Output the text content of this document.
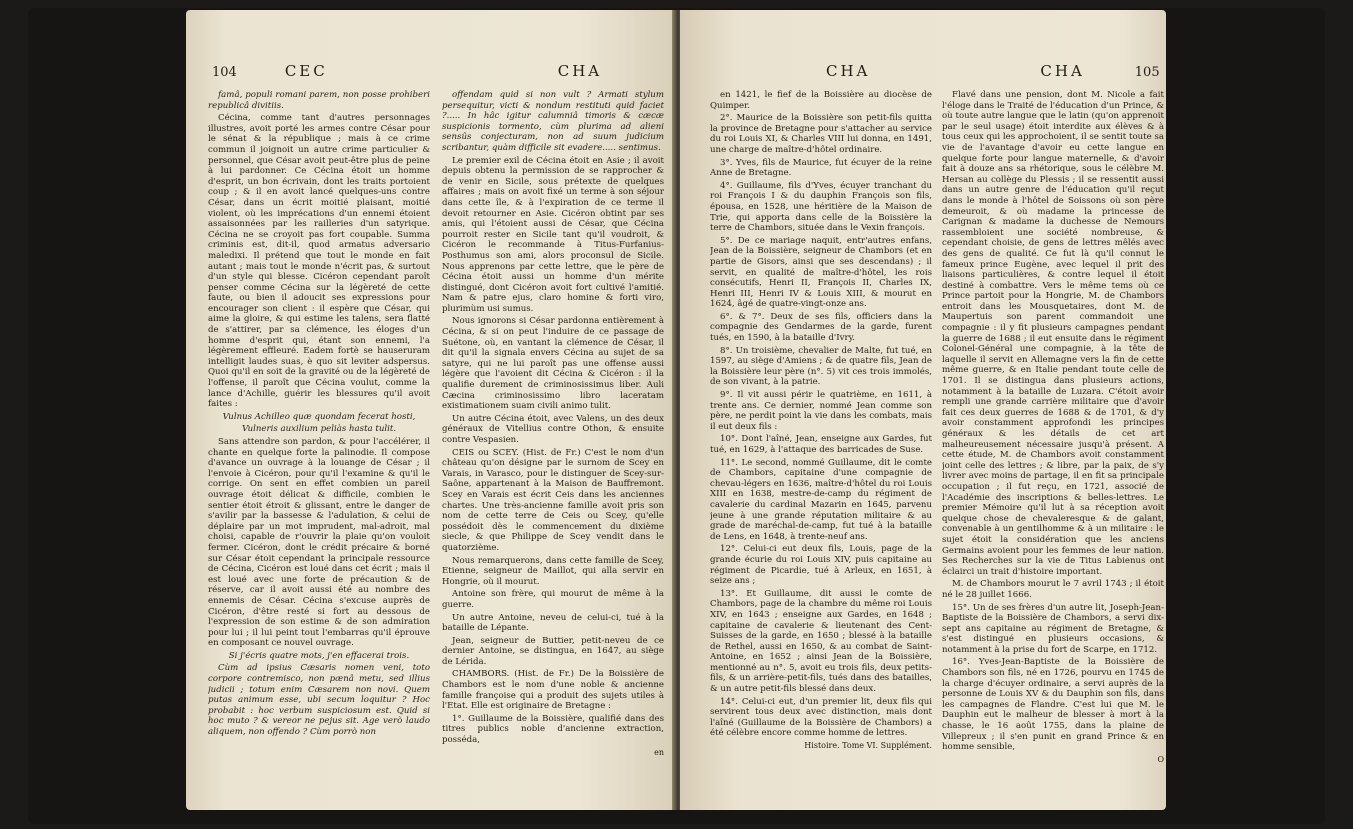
104	CEC	CHA

famâ, populi romani parem, non posse prohiberi republicâ divitiis.

Cécina, comme tant d'autres personnages illustres, avoit porté les armes contre César pour le sénat & la république ; mais à ce crime commun il joignoit un autre crime particulier & personnel, que César avoit peut-être plus de peine à lui pardonner. Ce Cécina étoit un homme d'esprit, un bon écrivain, dont les traits portoient coup ; & il en avoit lancé quelques-uns contre César, dans un écrit moitié plaisant, moitié violent, où les imprécations d'un ennemi étoient assaisonnées par les railleries d'un satyrique. Cécina ne se croyoit pas fort coupable. Summa criminis est, dit-il, quod armatus adversario maledixi. Il prétend que tout le monde en fait autant ; mais tout le monde n'écrit pas, & surtout d'un style qui blesse. Cicéron cependant paroît penser comme Cécina sur la légèreté de cette faute, ou bien il adoucit ses expressions pour encourager son client : il espère que César, qui aime la gloire, & qui estime les talens, sera flatté de s'attirer, par sa clémence, les éloges d'un homme d'esprit qui, étant son ennemi, l'a légèrement effleuré. Eadem fortè se hauseruram intelligit laudes suas, è quo sit leviter adspersus. Quoi qu'il en soit de la gravité ou de la légèreté de l'offense, il paroît que Cécina voulut, comme la lance d'Achille, guérir les blessures qu'il avoit faites :

Vulnus Achilleo quæ quondam fecerat hosti,

Vulneris auxilium peliàs hasta tulit.

Sans attendre son pardon, & pour l'accélérer, il chante en quelque forte la palinodie. Il compose d'avance un ouvrage à la louange de César ; il l'envoie à Cicéron, pour qu'il l'examine & qu'il le corrige. On sent en effet combien un pareil ouvrage étoit délicat & difficile, combien le sentier étoit étroit & glissant, entre le danger de s'avilir par la bassesse & l'adulation, & celui de déplaire par un mot imprudent, mal-adroit, mal choisi, capable de r'ouvrir la plaie qu'on vouloit fermer. Cicéron, dont le crédit précaire & borné sur César étoit cependant la principale ressource de Cécina, Cicéron est loué dans cet écrit ; mais il est loué avec une forte de précaution & de réserve, car il avoit aussi été au nombre des ennemis de César. Cécina s'excuse auprès de Cicéron, d'être resté si fort au dessous de l'expression de son estime & de son admiration pour lui ; il lui peint tout l'embarras qu'il éprouve en composant ce nouvel ouvrage.

Si j'écris quatre mots, j'en effacerai trois.

Cùm ad ipsius Cæsaris nomen veni, toto corpore contremisco, non pænâ metu, sed illius judicii ; totum enim Cæsarem non novi. Quem putas animum esse, ubi secum loquitur ? Hoc probabit : hoc verbum suspiciosum est. Quid si hoc muto ? & vereor ne pejus sit. Age verò laudo aliquem, non offendo ? Cùm porrò non

offendam quid si non vult ? Armati stylum persequitur, victi & nondum restituti quid faciet ?..... In hâc igitur calumniâ timoris & cæcæ suspicionis tormento, cùm plurima ad alieni sensûs conjecturam, non ad suum judicium scribantur, quàm difficile sit evadere..... sentimus.

Le premier exil de Cécina étoit en Asie ; il avoit depuis obtenu la permission de se rapprocher & de venir en Sicile, sous prétexte de quelques affaires ; mais on avoit fixé un terme à son séjour dans cette île, & à l'expiration de ce terme il devoit retourner en Asie. Cicéron obtint par ses amis, qui l'étoient aussi de César, que Cécina pourroit rester en Sicile tant qu'il voudroit, & Cicéron le recommande à Titus-Furfanius-Posthumus son ami, alors proconsul de Sicile. Nous apprenons par cette lettre, que le père de Cécina étoit aussi un homme d'un mérite distingué, dont Cicéron avoit fort cultivé l'amitié. Nam & patre ejus, claro homine & forti viro, plurimùm usi sumus.

Nous ignorons si César pardonna entièrement à Cécina, & si on peut l'induire de ce passage de Suétone, où, en vantant la clémence de César, il dit qu'il la signala envers Cécina au sujet de sa satyre, qui ne lui paroît pas une offense aussi légère que l'avoient dit Cécina & Cicéron : il la qualifie durement de criminosissimus liber. Auli Cæcina criminosissimo libro laceratam existimationem suam civili animo tulit.

Un autre Cécina étoit, avec Valens, un des deux généraux de Vitellius contre Othon, & ensuite contre Vespasien.

CEIS ou SCEY. (Hist. de Fr.) C'est le nom d'un château qu'on désigne par le surnom de Scey en Varais, in Varasco, pour le distinguer de Scey-sur-Saône, appartenant à la Maison de Bauffremont. Scey en Varais est écrit Ceis dans les anciennes chartes. Une très-ancienne famille avoit pris son nom de cette terre de Ceis ou Scey, qu'elle possédoit dès le commencement du dixième siecle, & que Philippe de Scey vendit dans le quatorzième.

Nous remarquerons, dans cette famille de Scey, Etienne, seigneur de Maillot, qui alla servir en Hongrie, où il mourut.

Antoine son frère, qui mourut de même à la guerre.

Un autre Antoine, neveu de celui-ci, tué à la bataille de Lépante.

Jean, seigneur de Buttier, petit-neveu de ce dernier Antoine, se distingua, en 1647, au siège de Lérida.

CHAMBORS. (Hist. de Fr.) De la Boissière de Chambors est le nom d'une noble & ancienne famille françoise qui a produit des sujets utiles à l'Etat. Elle est originaire de Bretagne :

1°. Guillaume de la Boissière, qualifié dans des titres publics noble d'ancienne extraction, posséda,

en

CHA	CHA	105

en 1421, le fief de la Boissière au diocèse de Quimper.

2°. Maurice de la Boissière son petit-fils quitta la province de Bretagne pour s'attacher au service du roi Louis XI, & Charles VIII lui donna, en 1491, une charge de maître-d'hôtel ordinaire.

3°. Yves, fils de Maurice, fut écuyer de la reine Anne de Bretagne.

4°. Guillaume, fils d'Yves, écuyer tranchant du roi François I & du dauphin François son fils, épousa, en 1528, une héritière de la Maison de Trie, qui apporta dans celle de la Boissière la terre de Chambors, située dans le Vexin françois.

5°. De ce mariage naquit, entr'autres enfans, Jean de la Boissière, seigneur de Chambors (et en partie de Gisors, ainsi que ses descendans) ; il servit, en qualité de maître-d'hôtel, les rois consécutifs, Henri II, François II, Charles IX, Henri III, Henri IV & Louis XIII, & mourut en 1624, âgé de quatre-vingt-onze ans.

6°. & 7°. Deux de ses fils, officiers dans la compagnie des Gendarmes de la garde, furent tués, en 1590, à la bataille d'Ivry.

8°. Un troisième, chevalier de Malte, fut tué, en 1597, au siège d'Amiens ; & de quatre fils, Jean de la Boissière leur père (n°. 5) vit ces trois immolés, de son vivant, à la patrie.

9°. Il vit aussi périr le quatrième, en 1611, à trente ans. Ce dernier, nommé Jean comme son père, ne perdit point la vie dans les combats, mais il eut deux fils :

10°. Dont l'aîné, Jean, enseigne aux Gardes, fut tué, en 1629, à l'attaque des barricades de Suse.

11°. Le second, nommé Guillaume, dit le comte de Chambors, capitaine d'une compagnie de chevau-légers en 1636, maître-d'hôtel du roi Louis XIII en 1638, mestre-de-camp du régiment de cavalerie du cardinal Mazarin en 1645, parvenu jeune à une grande réputation militaire & au grade de maréchal-de-camp, fut tué à la bataille de Lens, en 1648, à trente-neuf ans.

12°. Celui-ci eut deux fils, Louis, page de la grande écurie du roi Louis XIV, puis capitaine au régiment de Picardie, tué à Arleux, en 1651, à seize ans ;

13°. Et Guillaume, dit aussi le comte de Chambors, page de la chambre du même roi Louis XIV, en 1643 ; enseigne aux Gardes, en 1648 ; capitaine de cavalerie & lieutenant des Cent-Suisses de la garde, en 1650 ; blessé à la bataille de Rethel, aussi en 1650, & au combat de Saint-Antoine, en 1652 ; ainsi Jean de la Boissière, mentionné au n°. 5, avoit eu trois fils, deux petits-fils, & un arrière-petit-fils, tués dans des batailles, & un autre petit-fils blessé dans deux.

14°. Celui-ci eut, d'un premier lit, deux fils qui servirent tous deux avec distinction, mais dont l'aîné (Guillaume de la Boissière de Chambors) a été célèbre encore comme homme de lettres.

Histoire. Tome VI. Supplément.

Flavé dans une pension, dont M. Nicole a fait l'éloge dans le Traité de l'éducation d'un Prince, & où toute autre langue que le latin (qu'on apprenoit par le seul usage) étoit interdite aux élèves & à tous ceux qui les approchoient, il se sentit toute sa vie de l'avantage d'avoir eu cette langue en quelque forte pour langue maternelle, & d'avoir fait à douze ans sa rhétorique, sous le célèbre M. Hersan au collège du Plessis ; il se ressentit aussi dans un autre genre de l'éducation qu'il reçut dans le monde à l'hôtel de Soissons où son père demeuroit, & où madame la princesse de Carignan & madame la duchesse de Nemours rassembloient une société nombreuse, & cependant choisie, de gens de lettres mêlés avec des gens de qualité. Ce fut là qu'il connut le fameux prince Eugène, avec lequel il prit des liaisons particulières, & contre lequel il étoit destiné à combattre. Vers le même tems où ce Prince partoit pour la Hongrie, M. de Chambors entroit dans les Mousquetaires, dont M. de Maupertuis son parent commandoit une compagnie : il y fit plusieurs campagnes pendant la guerre de 1688 ; il eut ensuite dans le régiment Colonel-Général une compagnie, à la tête de laquelle il servit en Allemagne vers la fin de cette même guerre, & en Italie pendant toute celle de 1701. Il se distingua dans plusieurs actions, notamment à la bataille de Luzara. C'étoit avoir rempli une grande carrière militaire que d'avoir fait ces deux guerres de 1688 & de 1701, & d'y avoir constamment approfondi les principes généraux & les détails de cet art malheureusement nécessaire jusqu'à présent. A cette étude, M. de Chambors avoit constamment joint celle des lettres ; & libre, par la paix, de s'y livrer avec moins de partage, il en fit sa principale occupation ; il fut reçu, en 1721, associé de l'Académie des inscriptions & belles-lettres. Le premier Mémoire qu'il lut à sa réception avoit quelque chose de chevaleresque & de galant, convenable à un gentilhomme & à un militaire : le sujet étoit la considération que les anciens Germains avoient pour les femmes de leur nation. Ses Recherches sur la vie de Titus Labienus ont éclairci un trait d'histoire important.

M. de Chambors mourut le 7 avril 1743 ; il étoit né le 28 juillet 1666.

15°. Un de ses frères d'un autre lit, Joseph-Jean-Baptiste de la Boissière de Chambors, a servi dix-sept ans capitaine au régiment de Bretagne, & s'est distingué en plusieurs occasions, & notamment à la prise du fort de Scarpe, en 1712.

16°. Yves-Jean-Baptiste de la Boissière de Chambors son fils, né en 1726, pourvu en 1745 de la charge d'écuyer ordinaire, a servi auprès de la personne de Louis XV & du Dauphin son fils, dans les campagnes de Flandre. C'est lui que M. le Dauphin eut le malheur de blesser à mort à la chasse, le 16 août 1755, dans la plaine de Villepreux ; il s'en punit en grand Prince & en homme sensible,

O
